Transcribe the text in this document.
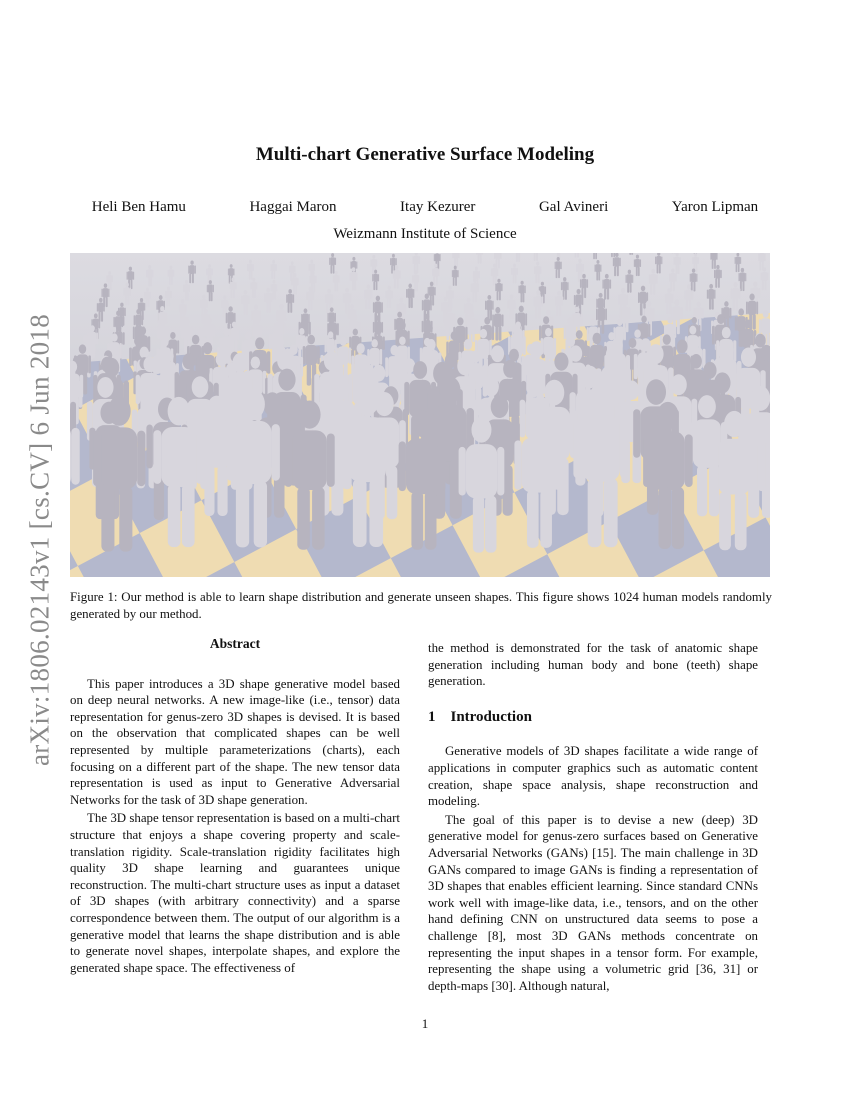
arXiv:1806.02143v1 [cs.CV] 6 Jun 2018
Multi-chart Generative Surface Modeling
Heli Ben Hamu	Haggai Maron	Itay Kezurer	Gal Avineri	Yaron Lipman
Weizmann Institute of Science
Figure 1: Our method is able to learn shape distribution and generate unseen shapes. This figure shows 1024 human models randomly generated by our method.
Abstract

This paper introduces a 3D shape generative model based on deep neural networks. A new image-like (i.e., tensor) data representation for genus-zero 3D shapes is devised. It is based on the observation that complicated shapes can be well represented by multiple parameterizations (charts), each focusing on a different part of the shape. The new tensor data representation is used as input to Generative Adversarial Networks for the task of 3D shape generation.

The 3D shape tensor representation is based on a multi-chart structure that enjoys a shape covering property and scale-translation rigidity. Scale-translation rigidity facilitates high quality 3D shape learning and guarantees unique reconstruction. The multi-chart structure uses as input a dataset of 3D shapes (with arbitrary connectivity) and a sparse correspondence between them. The output of our algorithm is a generative model that learns the shape distribution and is able to generate novel shapes, interpolate shapes, and explore the generated shape space. The effectiveness of

the method is demonstrated for the task of anatomic shape generation including human body and bone (teeth) shape generation.

1 Introduction

Generative models of 3D shapes facilitate a wide range of applications in computer graphics such as automatic content creation, shape space analysis, shape reconstruction and modeling.

The goal of this paper is to devise a new (deep) 3D generative model for genus-zero surfaces based on Generative Adversarial Networks (GANs) [15]. The main challenge in 3D GANs compared to image GANs is finding a representation of 3D shapes that enables efficient learning. Since standard CNNs work well with image-like data, i.e., tensors, and on the other hand defining CNN on unstructured data seems to pose a challenge [8], most 3D GANs methods concentrate on representing the input shapes in a tensor form. For example, representing the shape using a volumetric grid [36, 31] or depth-maps [30]. Although natural,

1
